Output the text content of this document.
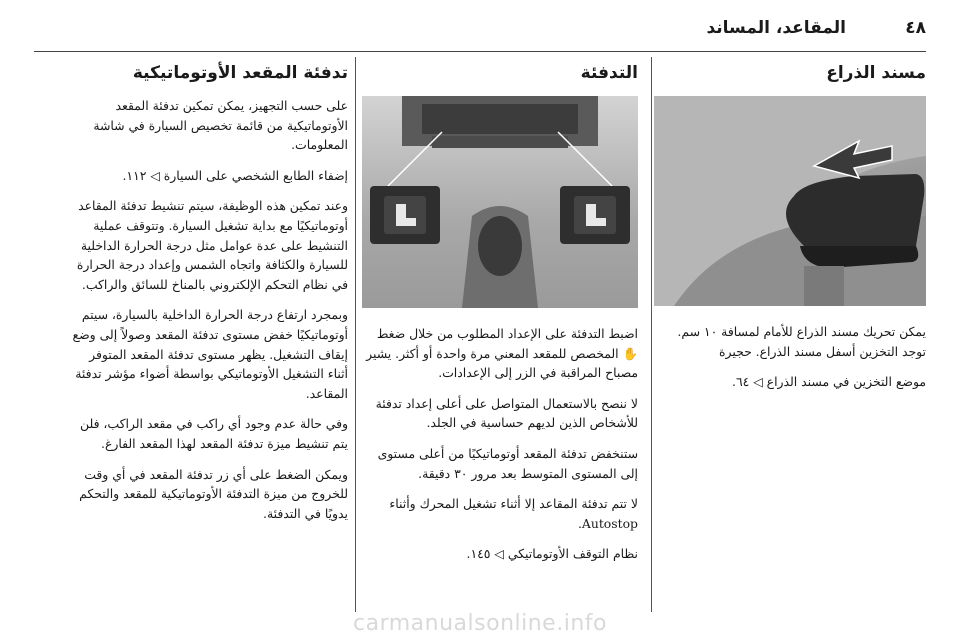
٤٨
المقاعد، المساند
مسند الذراع

يمكن تحريك مسند الذراع للأمام لمسافة ١٠ سم. توجد التخزين أسفل مسند الذراع. حجيرة

موضع التخزين في مسند الذراع ◁ ٦٤.

التدفئة

اضبط التدفئة على الإعداد المطلوب من خلال ضغط ✋ المخصص للمقعد المعني مرة واحدة أو أكثر. يشير مصباح المراقبة في الزر إلى الإعدادات.

لا ننصح بالاستعمال المتواصل على أعلى إعداد تدفئة للأشخاص الذين لديهم حساسية في الجلد.

ستنخفض تدفئة المقعد أوتوماتيكيًا من أعلى مستوى إلى المستوى المتوسط بعد مرور ٣٠ دقيقة.

لا تتم تدفئة المقاعد إلا أثناء تشغيل المحرك وأثناء Autostop.

نظام التوقف الأوتوماتيكي ◁ ١٤٥.

تدفئة المقعد الأوتوماتيكية

على حسب التجهيز، يمكن تمكين تدفئة المقعد الأوتوماتيكية من قائمة تخصيص السيارة في شاشة المعلومات.

إضفاء الطابع الشخصي على السيارة ◁ ١١٢.

وعند تمكين هذه الوظيفة، سيتم تنشيط تدفئة المقاعد أوتوماتيكيًا مع بداية تشغيل السيارة. وتتوقف عملية التنشيط على عدة عوامل مثل درجة الحرارة الداخلية للسيارة والكثافة واتجاه الشمس وإعداد درجة الحرارة في نظام التحكم الإلكتروني بالمناخ للسائق والراكب.

وبمجرد ارتفاع درجة الحرارة الداخلية بالسيارة، سيتم أوتوماتيكيًا خفض مستوى تدفئة المقعد وصولاً إلى وضع إيقاف التشغيل. يظهر مستوى تدفئة المقعد المتوفر أثناء التشغيل الأوتوماتيكي بواسطة أضواء مؤشر تدفئة المقاعد.

وفي حالة عدم وجود أي راكب في مقعد الراكب، فلن يتم تنشيط ميزة تدفئة المقعد لهذا المقعد الفارغ.

ويمكن الضغط على أي زر تدفئة المقعد في أي وقت للخروج من ميزة التدفئة الأوتوماتيكية للمقعد والتحكم يدويًا في التدفئة.

carmanualsonline.info
